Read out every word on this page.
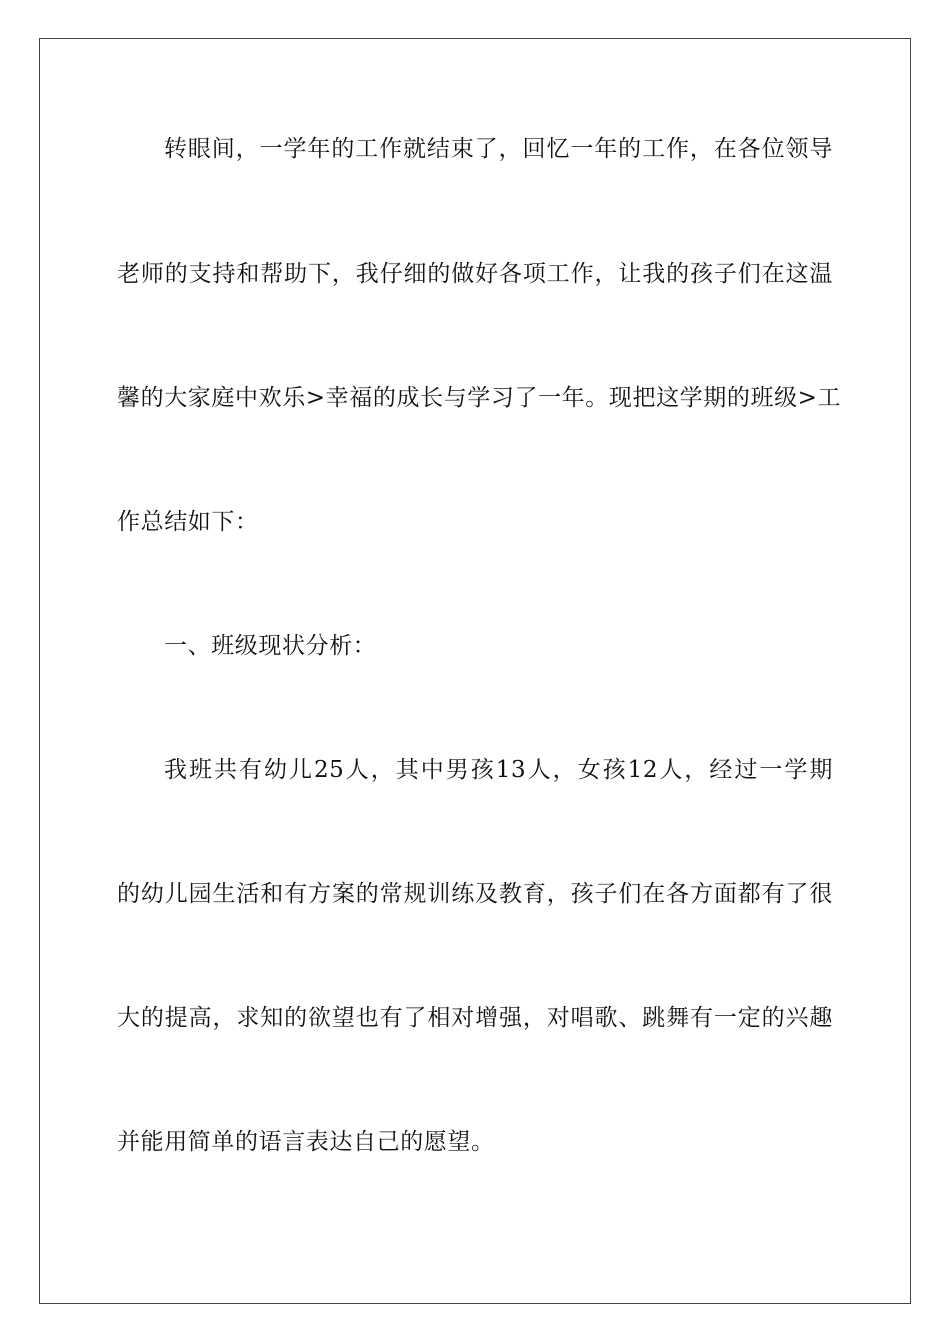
转眼间，一学年的工作就结束了，回忆一年的工作，在各位领导
老师的支持和帮助下，我仔细的做好各项工作，让我的孩子们在这温
馨的大家庭中欢乐>幸福的成长与学习了一年。现把这学期的班级>工
作总结如下：
一、班级现状分析：
我班共有幼儿25人，其中男孩13人，女孩12人，经过一学期
的幼儿园生活和有方案的常规训练及教育，孩子们在各方面都有了很
大的提高，求知的欲望也有了相对增强，对唱歌、跳舞有一定的兴趣
并能用简单的语言表达自己的愿望。
